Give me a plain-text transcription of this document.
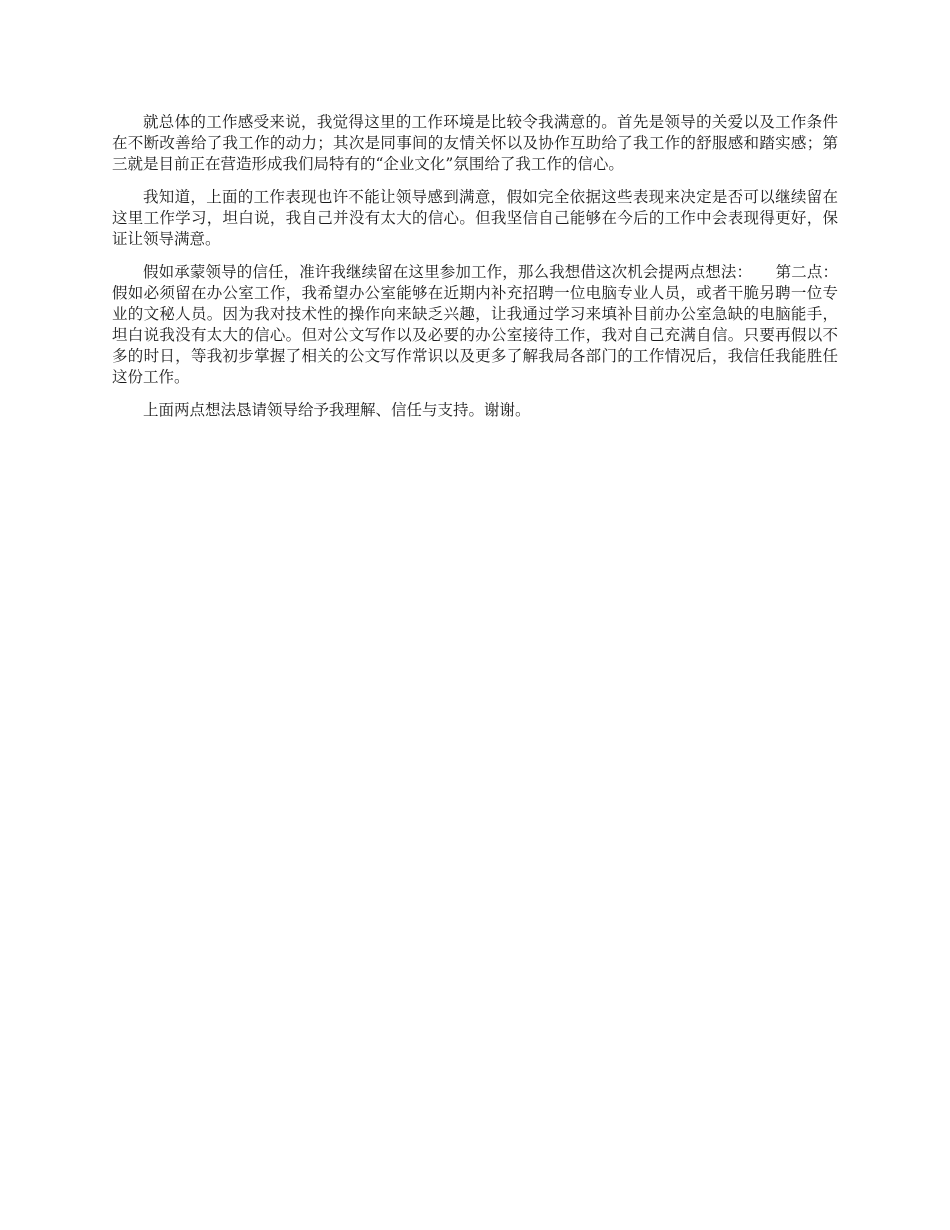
就总体的工作感受来说，我觉得这里的工作环境是比较令我满意的。首先是领导的关爱以及工作条件在不断改善给了我工作的动力；其次是同事间的友情关怀以及协作互助给了我工作的舒服感和踏实感；第三就是目前正在营造形成我们局特有的“企业文化”氛围给了我工作的信心。

我知道，上面的工作表现也许不能让领导感到满意，假如完全依据这些表现来决定是否可以继续留在这里工作学习，坦白说，我自己并没有太大的信心。但我坚信自己能够在今后的工作中会表现得更好，保证让领导满意。

假如承蒙领导的信任，准许我继续留在这里参加工作，那么我想借这次机会提两点想法：　　第二点：假如必须留在办公室工作，我希望办公室能够在近期内补充招聘一位电脑专业人员，或者干脆另聘一位专业的文秘人员。因为我对技术性的操作向来缺乏兴趣，让我通过学习来填补目前办公室急缺的电脑能手，坦白说我没有太大的信心。但对公文写作以及必要的办公室接待工作，我对自己充满自信。只要再假以不多的时日，等我初步掌握了相关的公文写作常识以及更多了解我局各部门的工作情况后，我信任我能胜任这份工作。

上面两点想法恳请领导给予我理解、信任与支持。谢谢。
